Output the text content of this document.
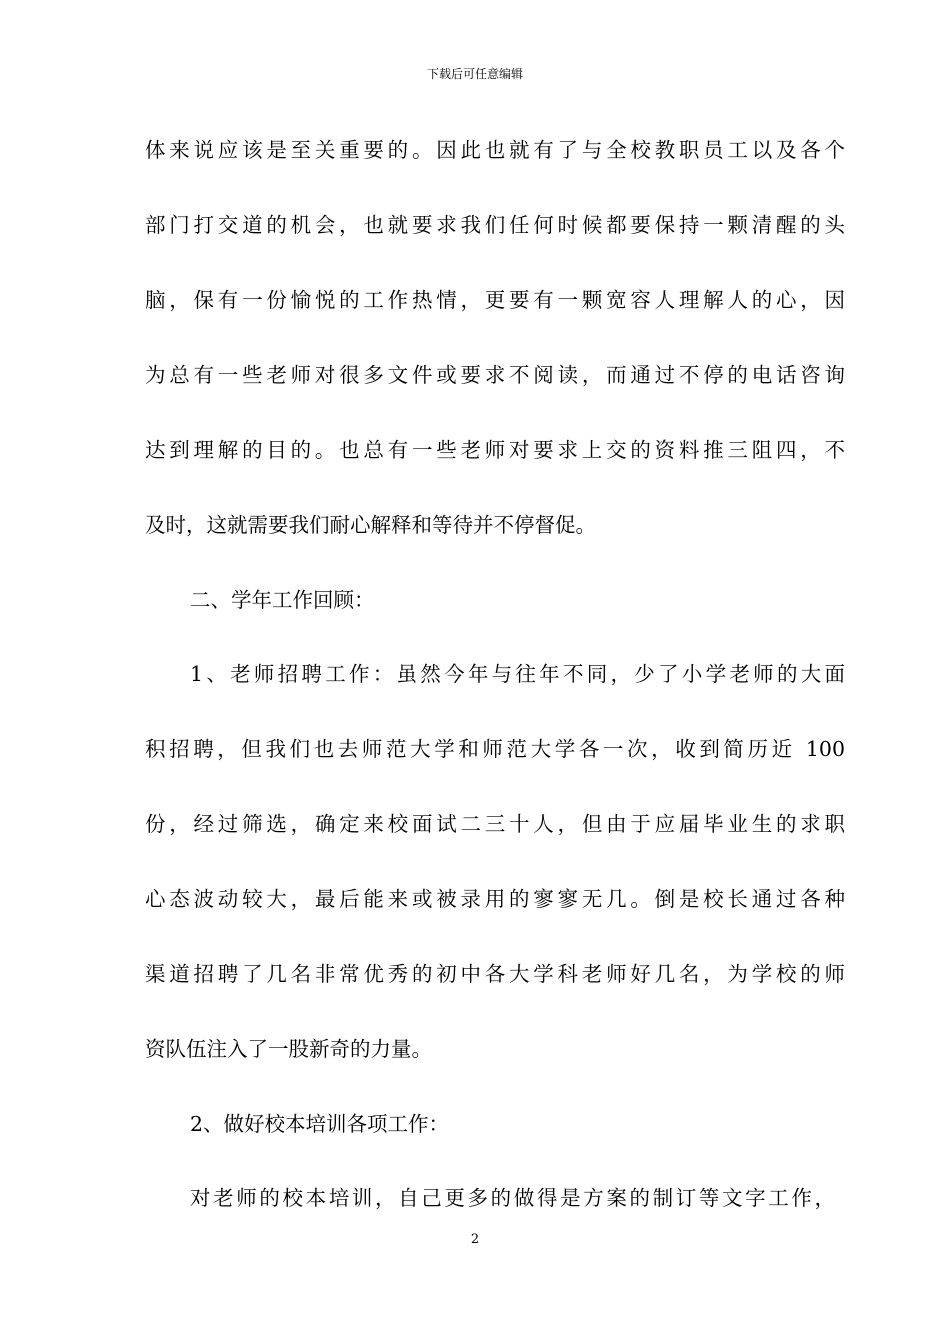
下载后可任意编辑
体来说应该是至关重要的。因此也就有了与全校教职员工以及各个
部门打交道的机会，也就要求我们任何时候都要保持一颗清醒的头
脑，保有一份愉悦的工作热情，更要有一颗宽容人理解人的心，因
为总有一些老师对很多文件或要求不阅读，而通过不停的电话咨询
达到理解的目的。也总有一些老师对要求上交的资料推三阻四，不
及时，这就需要我们耐心解释和等待并不停督促。
二、学年工作回顾：
1、老师招聘工作：虽然今年与往年不同，少了小学老师的大面
积招聘，但我们也去师范大学和师范大学各一次，收到简历近 100
份，经过筛选，确定来校面试二三十人，但由于应届毕业生的求职
心态波动较大，最后能来或被录用的寥寥无几。倒是校长通过各种
渠道招聘了几名非常优秀的初中各大学科老师好几名，为学校的师
资队伍注入了一股新奇的力量。
2、做好校本培训各项工作：
对老师的校本培训，自己更多的做得是方案的制订等文字工作，
2
